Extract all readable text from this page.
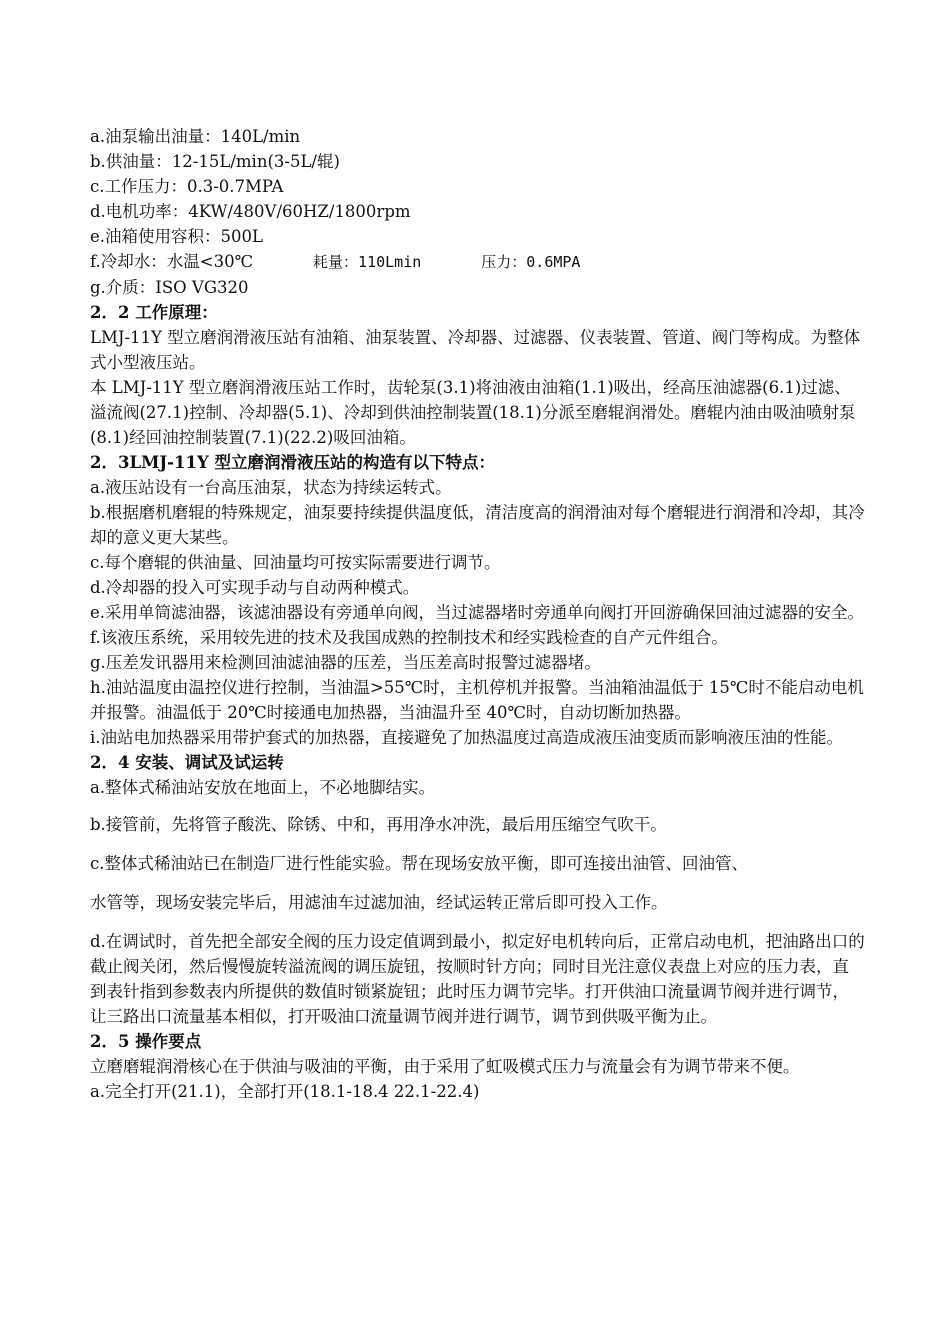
a.油泵输出油量：140L/min

b.供油量：12-15L/min(3-5L/辊)

c.工作压力：0.3-0.7MPA

d.电机功率：4KW/480V/60HZ/1800rpm

e.油箱使用容积：500L

f.冷却水：水温<30℃	耗量：110Lmin	压力：0.6MPA

g.介质：ISO VG320

2．2 工作原理：

LMJ-11Y 型立磨润滑液压站有油箱、油泵装置、冷却器、过滤器、仪表装置、管道、阀门等构成。为整体式小型液压站。

本 LMJ-11Y 型立磨润滑液压站工作时，齿轮泵(3.1)将油液由油箱(1.1)吸出，经高压油滤器(6.1)过滤、溢流阀(27.1)控制、冷却器(5.1)、冷却到供油控制装置(18.1)分派至磨辊润滑处。磨辊内油由吸油喷射泵(8.1)经回油控制装置(7.1)(22.2)吸回油箱。

2．3LMJ-11Y 型立磨润滑液压站的构造有以下特点：

a.液压站设有一台高压油泵，状态为持续运转式。

b.根据磨机磨辊的特殊规定，油泵要持续提供温度低，清洁度高的润滑油对每个磨辊进行润滑和冷却，其冷却的意义更大某些。

c.每个磨辊的供油量、回油量均可按实际需要进行调节。

d.冷却器的投入可实现手动与自动两种模式。

e.采用单筒滤油器，该滤油器设有旁通单向阀，当过滤器堵时旁通单向阀打开回游确保回油过滤器的安全。

f.该液压系统，采用较先进的技术及我国成熟的控制技术和经实践检查的自产元件组合。

g.压差发讯器用来检测回油滤油器的压差，当压差高时报警过滤器堵。

h.油站温度由温控仪进行控制，当油温>55℃时，主机停机并报警。当油箱油温低于 15℃时不能启动电机并报警。油温低于 20℃时接通电加热器，当油温升至 40℃时，自动切断加热器。

i.油站电加热器采用带护套式的加热器，直接避免了加热温度过高造成液压油变质而影响液压油的性能。

2．4 安装、调试及试运转

a.整体式稀油站安放在地面上，不必地脚结实。

b.接管前，先将管子酸洗、除锈、中和，再用净水冲洗，最后用压缩空气吹干。

c.整体式稀油站已在制造厂进行性能实验。帮在现场安放平衡，即可连接出油管、回油管、

水管等，现场安装完毕后，用滤油车过滤加油，经试运转正常后即可投入工作。

d.在调试时，首先把全部安全阀的压力设定值调到最小，拟定好电机转向后，正常启动电机，把油路出口的截止阀关闭，然后慢慢旋转溢流阀的调压旋钮，按顺时针方向；同时目光注意仪表盘上对应的压力表，直到表针指到参数表内所提供的数值时锁紧旋钮；此时压力调节完毕。打开供油口流量调节阀并进行调节，让三路出口流量基本相似，打开吸油口流量调节阀并进行调节，调节到供吸平衡为止。

2．5 操作要点

立磨磨辊润滑核心在于供油与吸油的平衡，由于采用了虹吸模式压力与流量会有为调节带来不便。

a.完全打开(21.1)，全部打开(18.1-18.4 22.1-22.4)
